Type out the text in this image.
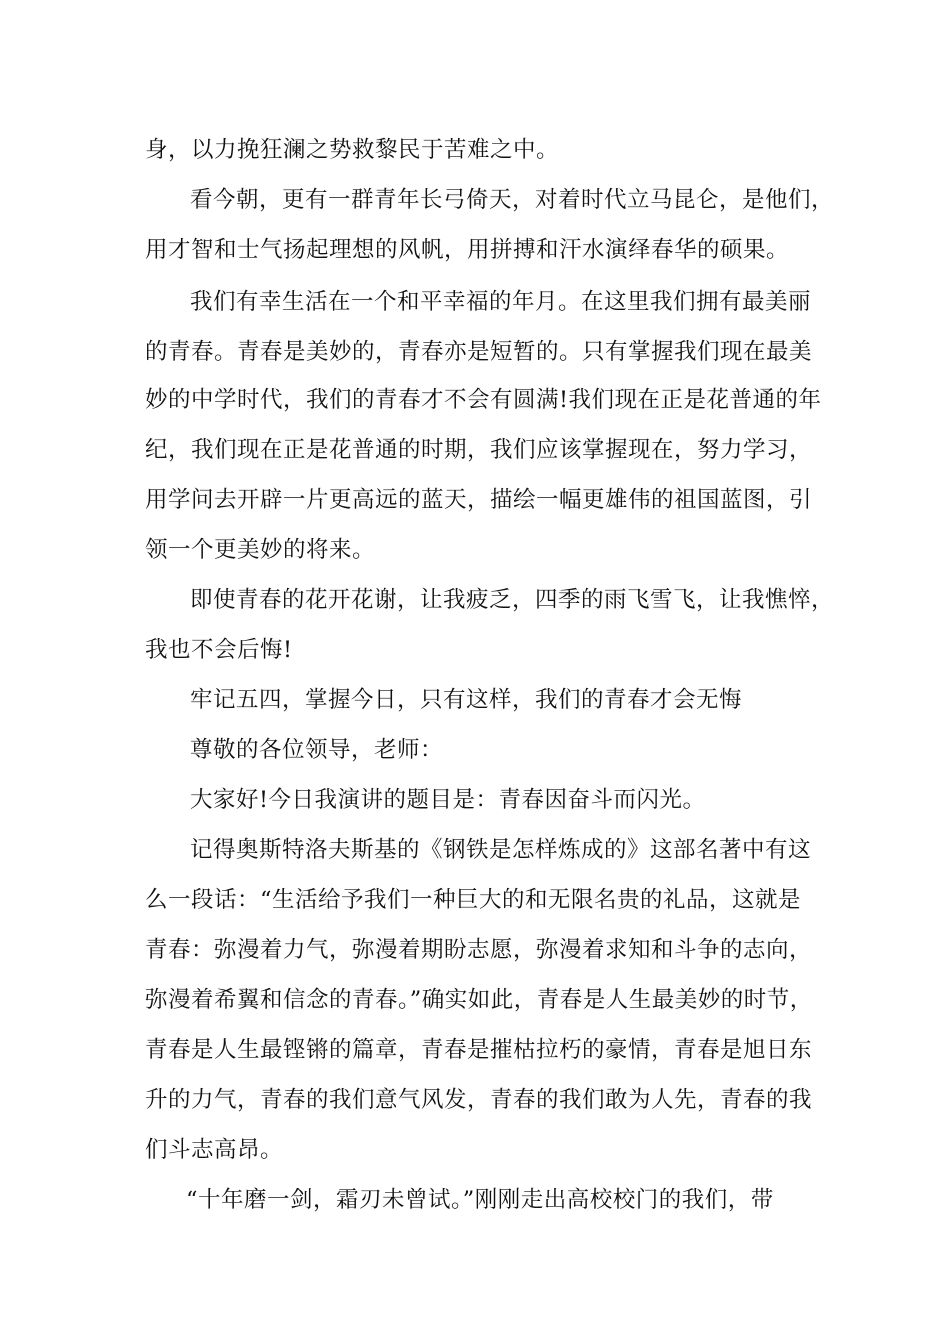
身，以力挽狂澜之势救黎民于苦难之中。
看今朝，更有一群青年长弓倚天，对着时代立马昆仑，是他们，
用才智和士气扬起理想的风帆，用拼搏和汗水演绎春华的硕果。
我们有幸生活在一个和平幸福的年月。在这里我们拥有最美丽
的青春。青春是美妙的，青春亦是短暂的。只有掌握我们现在最美
妙的中学时代，我们的青春才不会有圆满!我们现在正是花普通的年
纪，我们现在正是花普通的时期，我们应该掌握现在，努力学习，
用学问去开辟一片更高远的蓝天，描绘一幅更雄伟的祖国蓝图，引
领一个更美妙的将来。
即使青春的花开花谢，让我疲乏，四季的雨飞雪飞，让我憔悴，
我也不会后悔!
牢记五四，掌握今日，只有这样，我们的青春才会无悔
尊敬的各位领导，老师：
大家好!今日我演讲的题目是：青春因奋斗而闪光。
记得奥斯特洛夫斯基的《钢铁是怎样炼成的》这部名著中有这
么一段话：“生活给予我们一种巨大的和无限名贵的礼品，这就是
青春：弥漫着力气，弥漫着期盼志愿，弥漫着求知和斗争的志向，
弥漫着希翼和信念的青春。”确实如此，青春是人生最美妙的时节，
青春是人生最铿锵的篇章，青春是摧枯拉朽的豪情，青春是旭日东
升的力气，青春的我们意气风发，青春的我们敢为人先，青春的我
们斗志高昂。
“十年磨一剑，霜刃未曾试。”刚刚走出高校校门的我们，带
